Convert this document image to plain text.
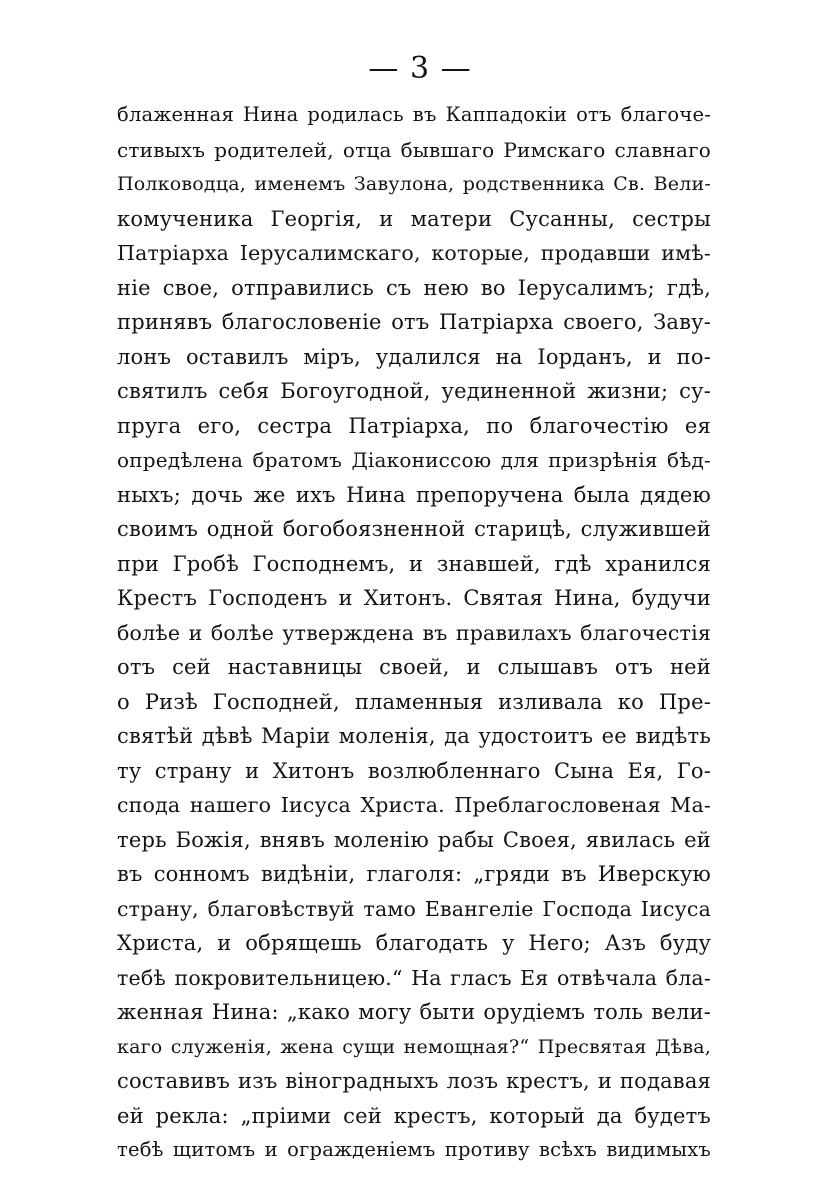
— 3 —
блаженная Нина родилась въ Каппадокіи отъ благоче-
стивыхъ родителей, отца бывшаго Римскаго славнаго
Полководца, именемъ Завулона, родственника Св. Вели-
комученика Георгія, и матери Сусанны, сестры
Патріарха Іерусалимскаго, которые, продавши имѣ-
ніе свое, отправились съ нею во Іерусалимъ; гдѣ,
принявъ благословеніе отъ Патріарха своего, Заву-
лонъ оставилъ міръ, удалился на Іорданъ, и по-
святилъ себя Богоугодной, уединенной жизни; су-
пруга его, сестра Патріарха, по благочестію ея
опредѣлена братомъ Діакониссою для призрѣнія бѣд-
ныхъ; дочь же ихъ Нина препоручена была дядею
своимъ одной богобоязненной старицѣ, служившей
при Гробѣ Господнемъ, и знавшей, гдѣ хранился
Крестъ Господенъ и Хитонъ. Святая Нина, будучи
болѣе и болѣе утверждена въ правилахъ благочестія
отъ сей наставницы своей, и слышавъ отъ ней
о Ризѣ Господней, пламенныя изливала ко Пре-
святѣй дѣвѣ Маріи моленія, да удостоитъ ее видѣть
ту страну и Хитонъ возлюбленнаго Сына Ея, Го-
спода нашего Іисуса Христа. Преблагословеная Ма-
терь Божія, внявъ моленію рабы Своея, явилась ей
въ сонномъ видѣніи, глаголя: „гряди въ Иверскую
страну, благовѣствуй тамо Евангеліе Господа Іисуса
Христа, и обрящешь благодать у Него; Азъ буду
тебѣ покровительницею.“ На гласъ Ея отвѣчала бла-
женная Нина: „како могу быти орудіемъ толь вели-
каго служенія, жена сущи немощная?“ Пресвятая Дѣва,
составивъ изъ віноградныхъ лозъ крестъ, и подавая
ей рекла: „пріими сей крестъ, который да будетъ
тебѣ щитомъ и огражденіемъ противу всѣхъ видимыхъ
